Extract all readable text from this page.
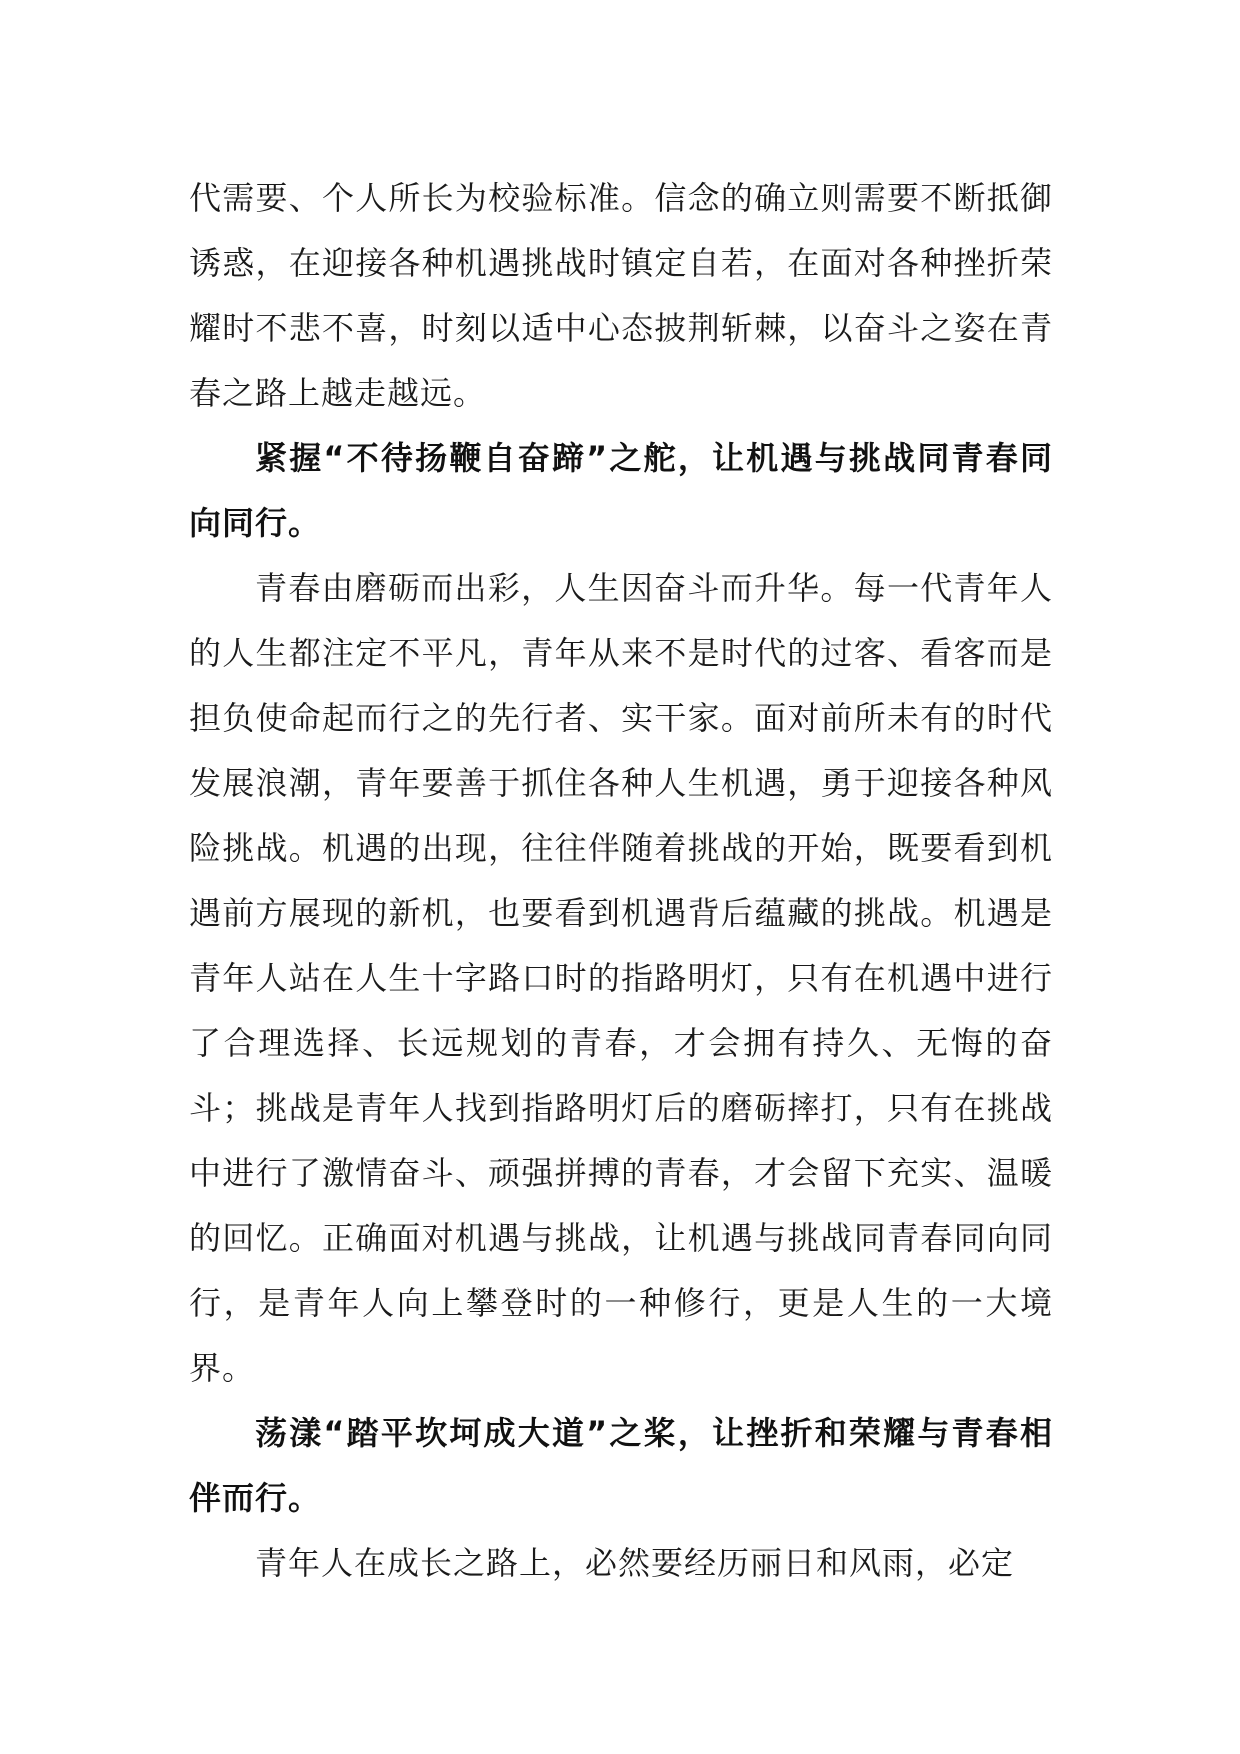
代需要、个人所长为校验标准。信念的确立则需要不断抵御诱惑，在迎接各种机遇挑战时镇定自若，在面对各种挫折荣耀时不悲不喜，时刻以适中心态披荆斩棘，以奋斗之姿在青春之路上越走越远。

紧握“不待扬鞭自奋蹄”之舵，让机遇与挑战同青春同向同行。

青春由磨砺而出彩，人生因奋斗而升华。每一代青年人的人生都注定不平凡，青年从来不是时代的过客、看客而是担负使命起而行之的先行者、实干家。面对前所未有的时代发展浪潮，青年要善于抓住各种人生机遇，勇于迎接各种风险挑战。机遇的出现，往往伴随着挑战的开始，既要看到机遇前方展现的新机，也要看到机遇背后蕴藏的挑战。机遇是青年人站在人生十字路口时的指路明灯，只有在机遇中进行了合理选择、长远规划的青春，才会拥有持久、无悔的奋斗；挑战是青年人找到指路明灯后的磨砺摔打，只有在挑战中进行了激情奋斗、顽强拼搏的青春，才会留下充实、温暖的回忆。正确面对机遇与挑战，让机遇与挑战同青春同向同行，是青年人向上攀登时的一种修行，更是人生的一大境界。

荡漾“踏平坎坷成大道”之桨，让挫折和荣耀与青春相伴而行。

青年人在成长之路上，必然要经历丽日和风雨，必定
